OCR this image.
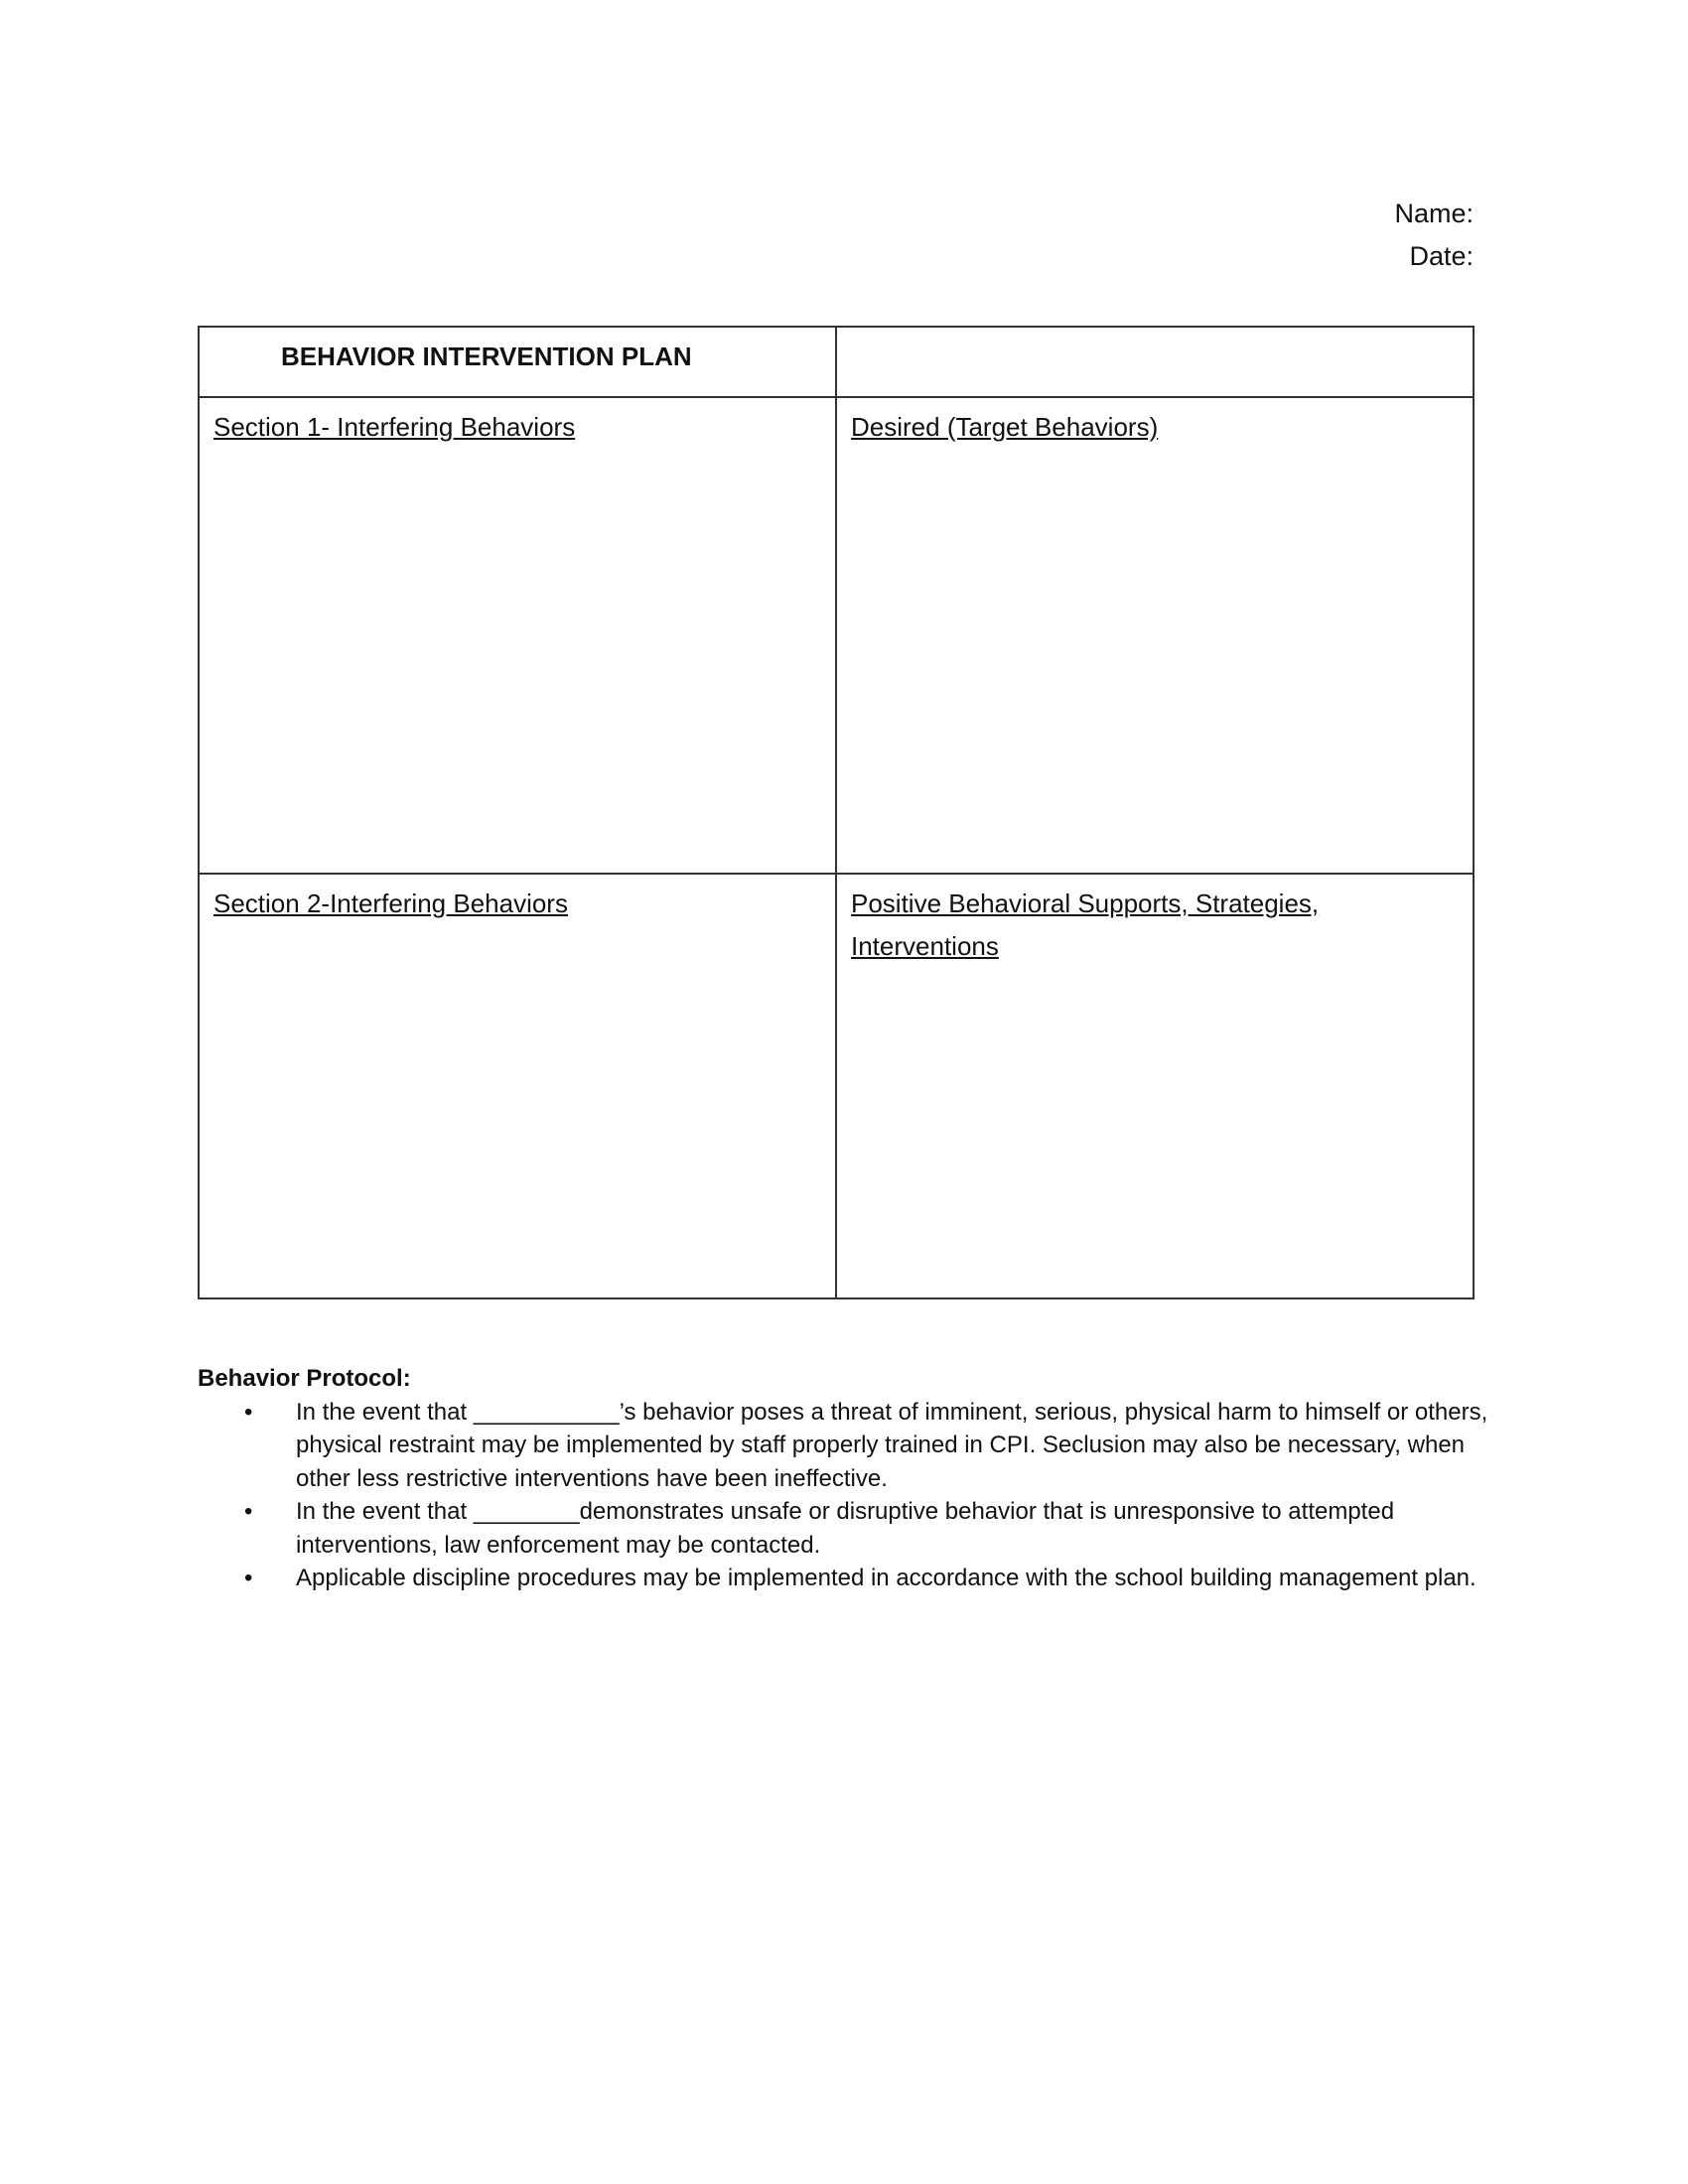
Name:
Date:
BEHAVIOR INTERVENTION PLAN	
Section 1- Interfering Behaviors	Desired (Target Behaviors)
Section 2-Interfering Behaviors	Positive Behavioral Supports, Strategies,
Interventions
Behavior Protocol:
• In the event that ___________’s behavior poses a threat of imminent, serious, physical harm to himself or others, physical restraint may be implemented by staff properly trained in CPI. Seclusion may also be necessary, when other less restrictive interventions have been ineffective.
• In the event that ________demonstrates unsafe or disruptive behavior that is unresponsive to attempted interventions, law enforcement may be contacted.
• Applicable discipline procedures may be implemented in accordance with the school building management plan.
